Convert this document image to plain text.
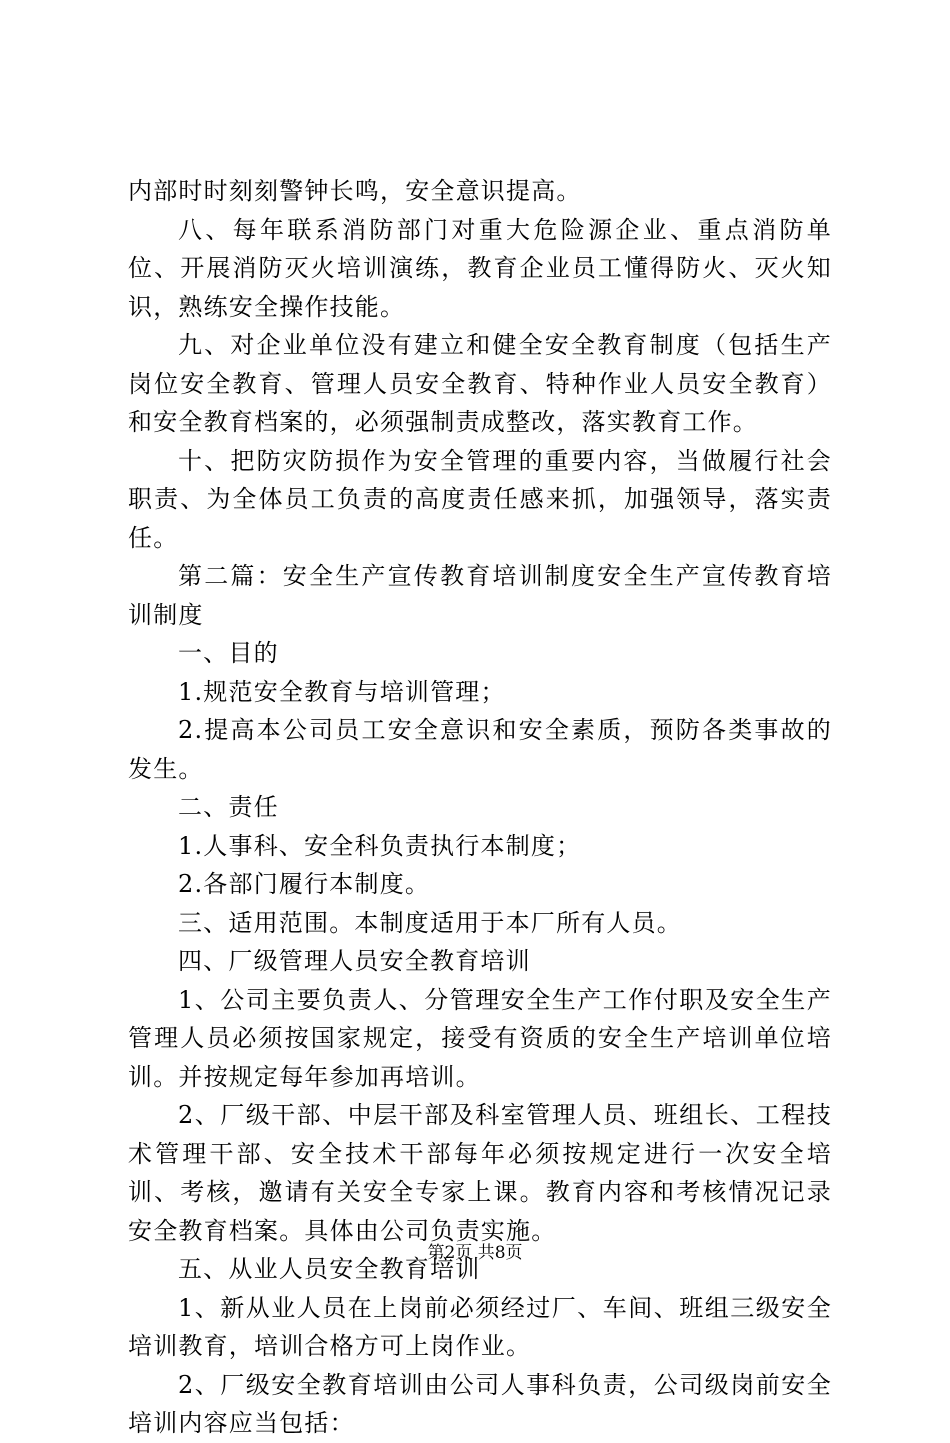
内部时时刻刻警钟长鸣，安全意识提高。

八、每年联系消防部门对重大危险源企业、重点消防单位、开展消防灭火培训演练，教育企业员工懂得防火、灭火知识，熟练安全操作技能。

九、对企业单位没有建立和健全安全教育制度（包括生产岗位安全教育、管理人员安全教育、特种作业人员安全教育）和安全教育档案的，必须强制责成整改，落实教育工作。

十、把防灾防损作为安全管理的重要内容，当做履行社会职责、为全体员工负责的高度责任感来抓，加强领导，落实责任。

第二篇：安全生产宣传教育培训制度安全生产宣传教育培训制度

一、目的

1.规范安全教育与培训管理；

2.提高本公司员工安全意识和安全素质，预防各类事故的发生。

二、责任

1.人事科、安全科负责执行本制度；

2.各部门履行本制度。

三、适用范围。本制度适用于本厂所有人员。

四、厂级管理人员安全教育培训

1、公司主要负责人、分管理安全生产工作付职及安全生产管理人员必须按国家规定，接受有资质的安全生产培训单位培训。并按规定每年参加再培训。

2、厂级干部、中层干部及科室管理人员、班组长、工程技术管理干部、安全技术干部每年必须按规定进行一次安全培训、考核，邀请有关安全专家上课。教育内容和考核情况记录安全教育档案。具体由公司负责实施。

五、从业人员安全教育培训

1、新从业人员在上岗前必须经过厂、车间、班组三级安全培训教育，培训合格方可上岗作业。

2、厂级安全教育培训由公司人事科负责，公司级岗前安全培训内容应当包括：

第2页 共8页
